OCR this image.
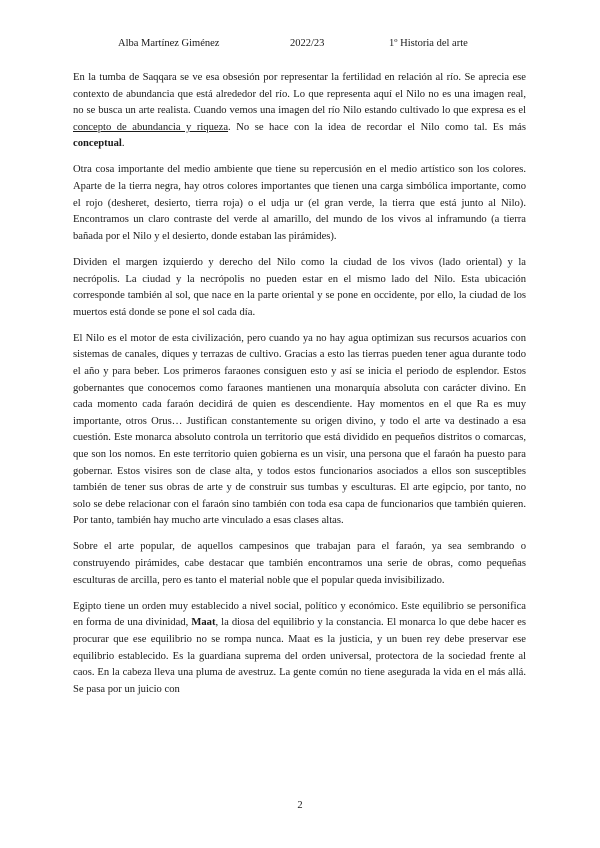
Alba Martínez Giménez	2022/23	1º Historia del arte

En la tumba de Saqqara se ve esa obsesión por representar la fertilidad en relación al río. Se aprecia ese contexto de abundancia que está alrededor del río. Lo que representa aquí el Nilo no es una imagen real, no se busca un arte realista. Cuando vemos una imagen del río Nilo estando cultivado lo que expresa es el concepto de abundancia y riqueza. No se hace con la idea de recordar el Nilo como tal. Es más conceptual.

Otra cosa importante del medio ambiente que tiene su repercusión en el medio artístico son los colores. Aparte de la tierra negra, hay otros colores importantes que tienen una carga simbólica importante, como el rojo (desheret, desierto, tierra roja) o el udja ur (el gran verde, la tierra que está junto al Nilo). Encontramos un claro contraste del verde al amarillo, del mundo de los vivos al inframundo (a tierra bañada por el Nilo y el desierto, donde estaban las pirámides).

Dividen el margen izquierdo y derecho del Nilo como la ciudad de los vivos (lado oriental) y la necrópolis. La ciudad y la necrópolis no pueden estar en el mismo lado del Nilo. Esta ubicación corresponde también al sol, que nace en la parte oriental y se pone en occidente, por ello, la ciudad de los muertos está donde se pone el sol cada día.

El Nilo es el motor de esta civilización, pero cuando ya no hay agua optimizan sus recursos acuarios con sistemas de canales, diques y terrazas de cultivo. Gracias a esto las tierras pueden tener agua durante todo el año y para beber. Los primeros faraones consiguen esto y así se inicia el periodo de esplendor. Estos gobernantes que conocemos como faraones mantienen una monarquía absoluta con carácter divino. En cada momento cada faraón decidirá de quien es descendiente. Hay momentos en el que Ra es muy importante, otros Orus… Justifican constantemente su origen divino, y todo el arte va destinado a esa cuestión. Este monarca absoluto controla un territorio que está dividido en pequeños distritos o comarcas, que son los nomos. En este territorio quien gobierna es un visir, una persona que el faraón ha puesto para gobernar. Estos visires son de clase alta, y todos estos funcionarios asociados a ellos son susceptibles también de tener sus obras de arte y de construir sus tumbas y esculturas. El arte egipcio, por tanto, no solo se debe relacionar con el faraón sino también con toda esa capa de funcionarios que también quieren. Por tanto, también hay mucho arte vinculado a esas clases altas.

Sobre el arte popular, de aquellos campesinos que trabajan para el faraón, ya sea sembrando o construyendo pirámides, cabe destacar que también encontramos una serie de obras, como pequeñas esculturas de arcilla, pero es tanto el material noble que el popular queda invisibilizado.

Egipto tiene un orden muy establecido a nivel social, político y económico. Este equilibrio se personifica en forma de una divinidad, Maat, la diosa del equilibrio y la constancia. El monarca lo que debe hacer es procurar que ese equilibrio no se rompa nunca. Maat es la justicia, y un buen rey debe preservar ese equilibrio establecido. Es la guardiana suprema del orden universal, protectora de la sociedad frente al caos. En la cabeza lleva una pluma de avestruz. La gente común no tiene asegurada la vida en el más allá. Se pasa por un juicio con

2
